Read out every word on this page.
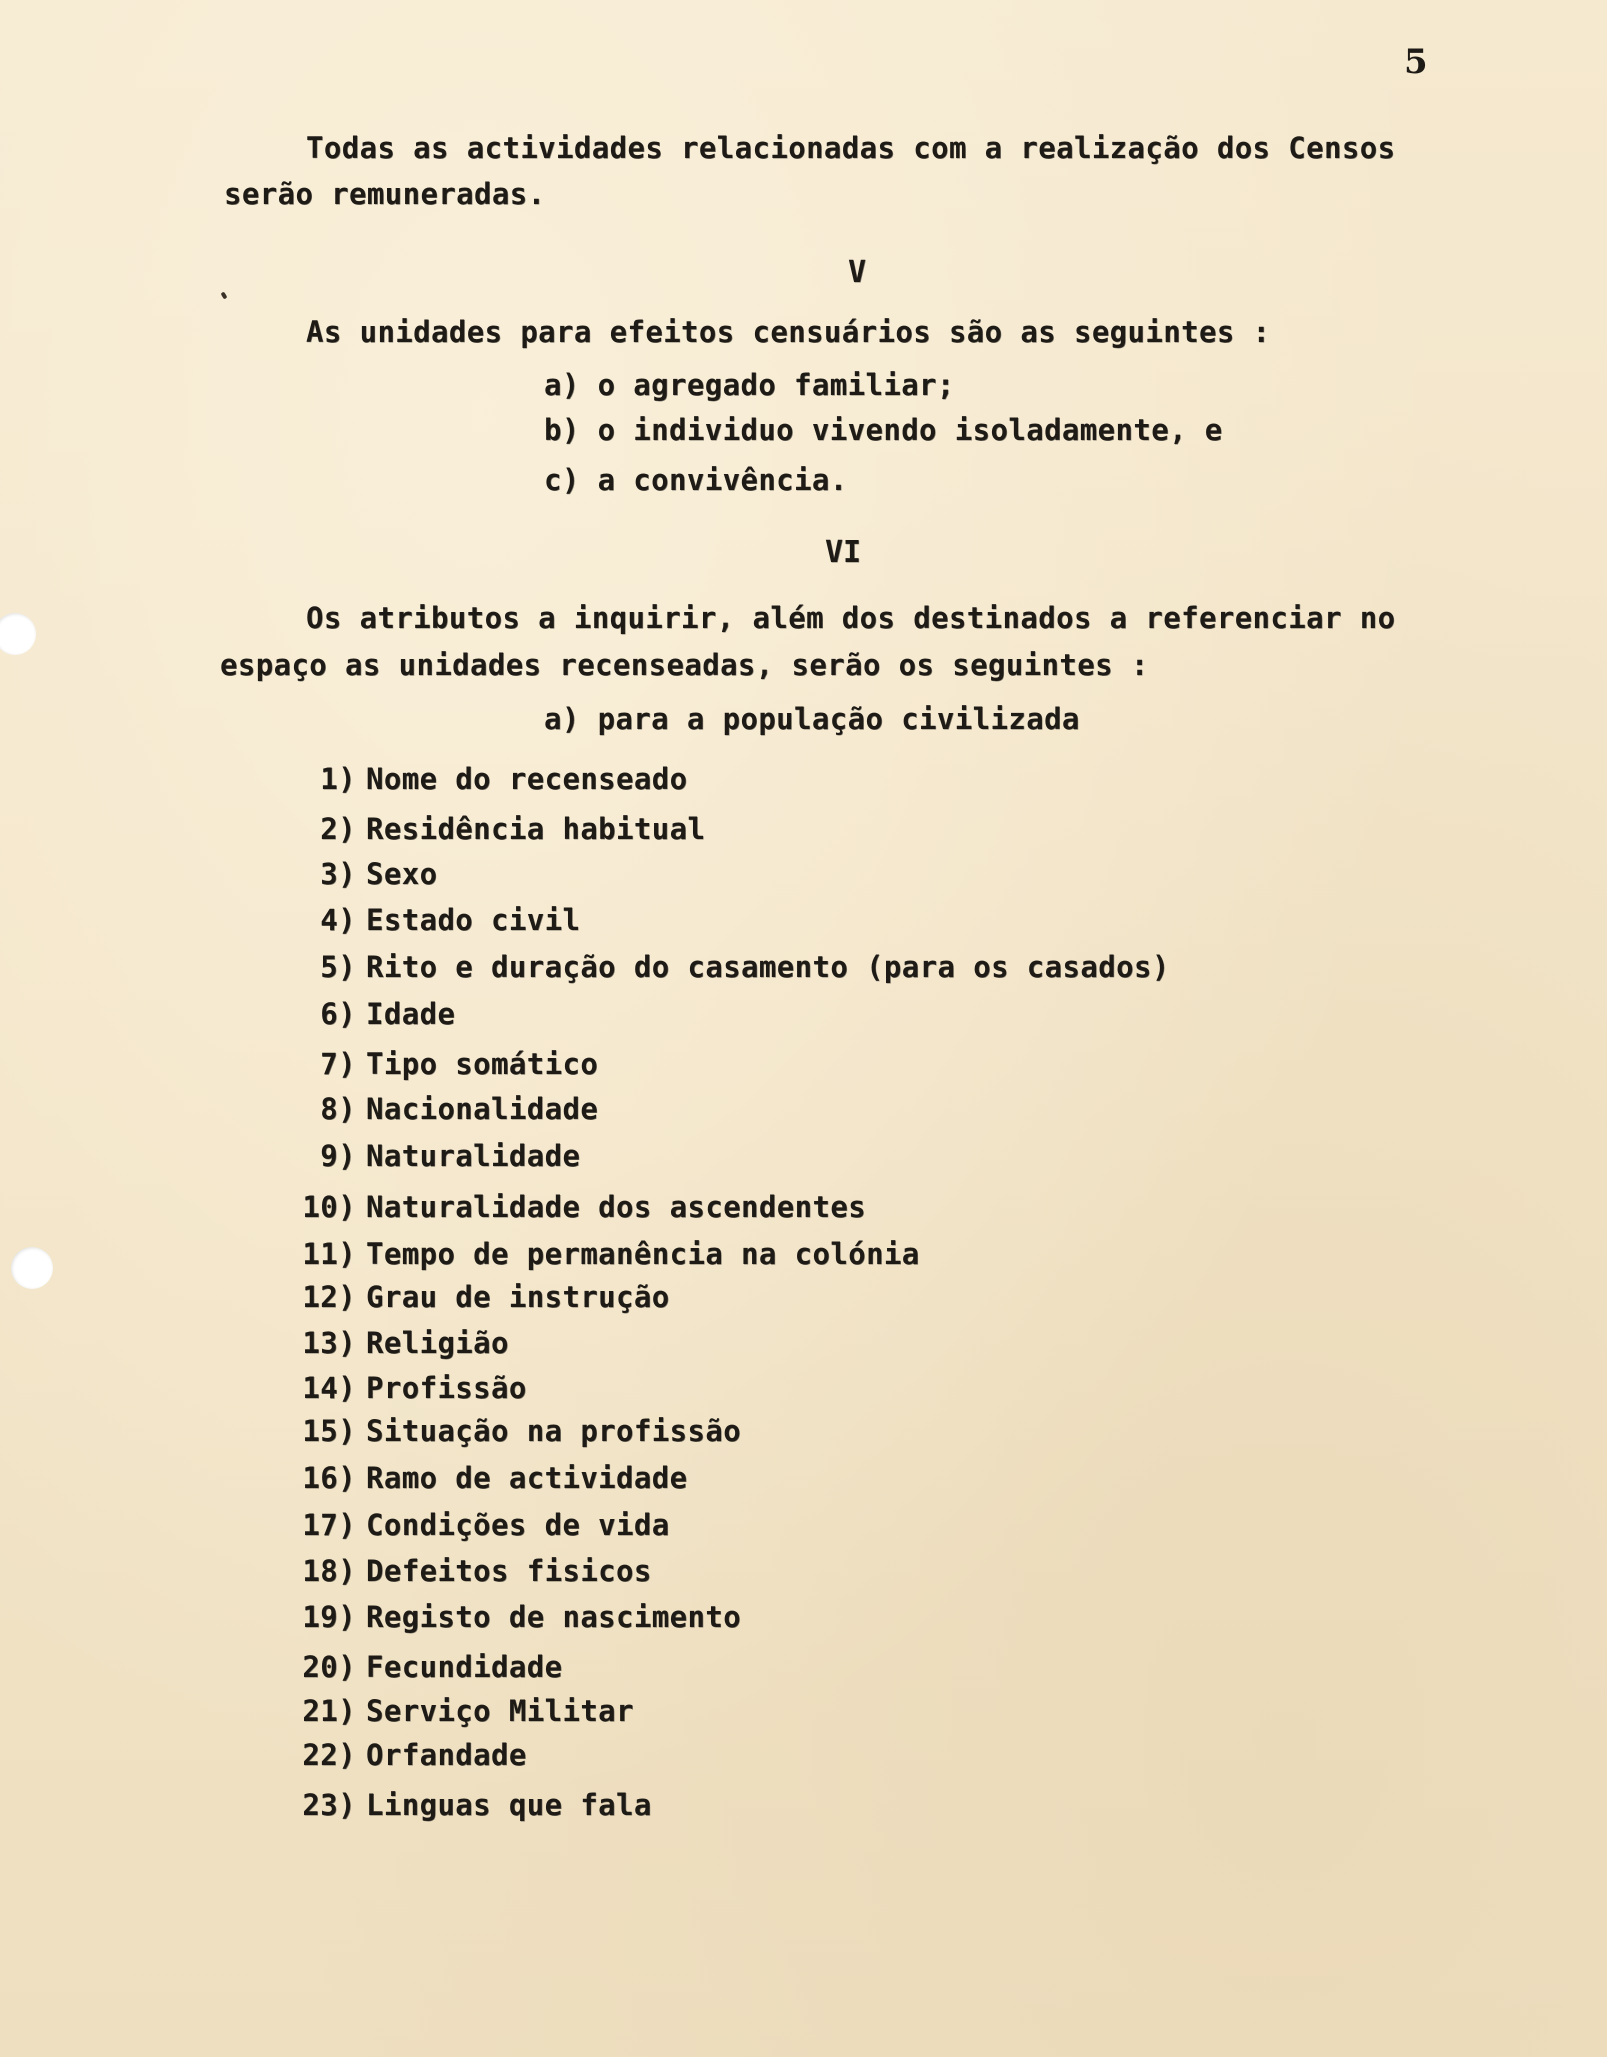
5
Todas as actividades relacionadas com a realização dos Censos
serão remuneradas.
V
As unidades para efeitos censuários são as seguintes :
a) o agregado familiar;
b) o individuo vivendo isoladamente, e
c) a convivência.
VI
Os atributos a inquirir, além dos destinados a referenciar no
espaço as unidades recenseadas, serão os seguintes :
a) para a população civilizada
1) Nome do recenseado
2) Residência habitual
3) Sexo
4) Estado civil
5) Rito e duração do casamento (para os casados)
6) Idade
7) Tipo somático
8) Nacionalidade
9) Naturalidade
10) Naturalidade dos ascendentes
11) Tempo de permanência na colónia
12) Grau de instrução
13) Religião
14) Profissão
15) Situação na profissão
16) Ramo de actividade
17) Condições de vida
18) Defeitos fisicos
19) Registo de nascimento
20) Fecundidade
21) Serviço Militar
22) Orfandade
23) Linguas que fala
